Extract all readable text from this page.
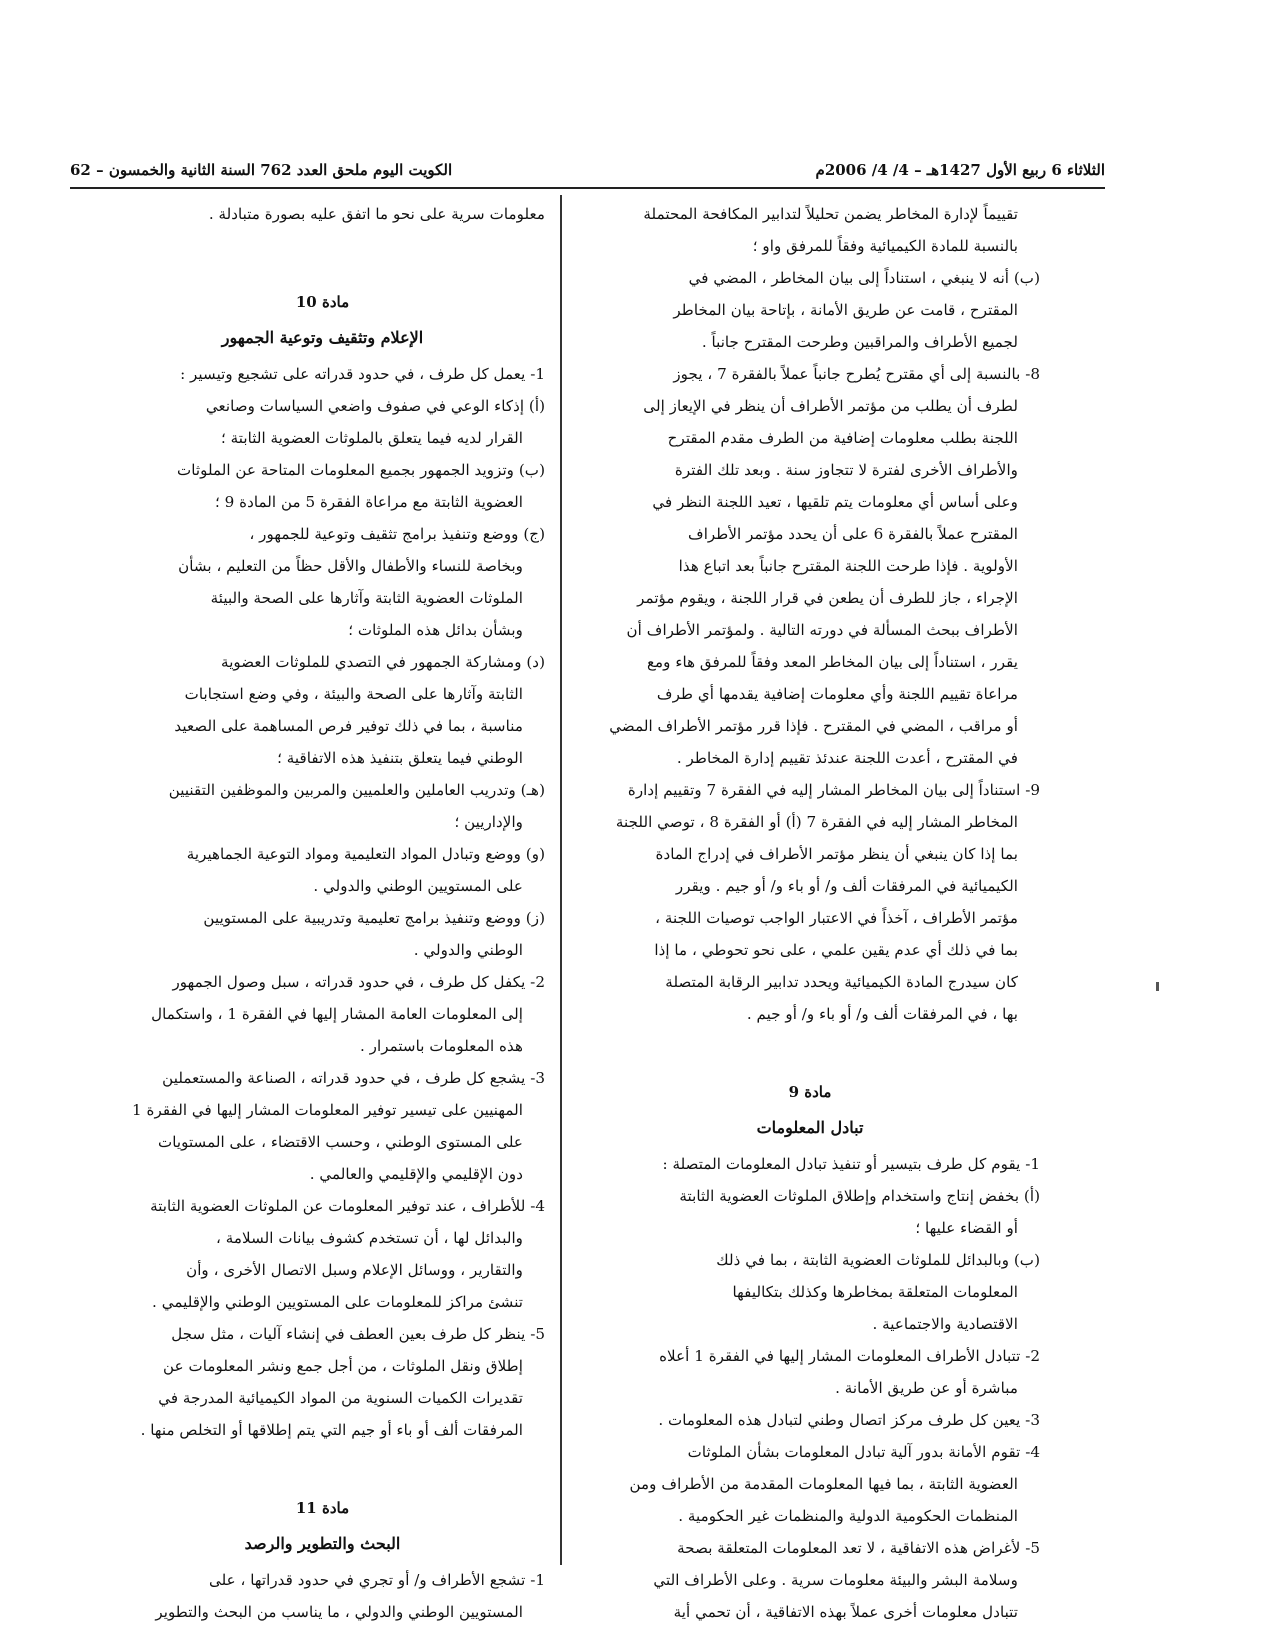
الكويت اليوم ملحق العدد 762 السنة الثانية والخمسون – 62	الثلاثاء 6 ربيع الأول 1427هـ – 4/ 4/ 2006م

تقييماً لإدارة المخاطر يضمن تحليلاً لتدابير المكافحة المحتملة

بالنسبة للمادة الكيميائية وفقاً للمرفق واو ؛

(ب) أنه لا ينبغي ، استناداً إلى بيان المخاطر ، المضي في

المقترح ، قامت عن طريق الأمانة ، بإتاحة بيان المخاطر

لجميع الأطراف والمراقبين وطرحت المقترح جانباً .

8- بالنسبة إلى أي مقترح يُطرح جانباً عملاً بالفقرة 7 ، يجوز

لطرف أن يطلب من مؤتمر الأطراف أن ينظر في الإيعاز إلى

اللجنة بطلب معلومات إضافية من الطرف مقدم المقترح

والأطراف الأخرى لفترة لا تتجاوز سنة . وبعد تلك الفترة

وعلى أساس أي معلومات يتم تلقيها ، تعيد اللجنة النظر في

المقترح عملاً بالفقرة 6 على أن يحدد مؤتمر الأطراف

الأولوية . فإذا طرحت اللجنة المقترح جانباً بعد اتباع هذا

الإجراء ، جاز للطرف أن يطعن في قرار اللجنة ، ويقوم مؤتمر

الأطراف ببحث المسألة في دورته التالية . ولمؤتمر الأطراف أن

يقرر ، استناداً إلى بيان المخاطر المعد وفقاً للمرفق هاء ومع

مراعاة تقييم اللجنة وأي معلومات إضافية يقدمها أي طرف

أو مراقب ، المضي في المقترح . فإذا قرر مؤتمر الأطراف المضي

في المقترح ، أعدت اللجنة عندئذ تقييم إدارة المخاطر .

9- استناداً إلى بيان المخاطر المشار إليه في الفقرة 7 وتقييم إدارة

المخاطر المشار إليه في الفقرة 7 (أ) أو الفقرة 8 ، توصي اللجنة

بما إذا كان ينبغي أن ينظر مؤتمر الأطراف في إدراج المادة

الكيميائية في المرفقات ألف و/ أو باء و/ أو جيم . ويقرر

مؤتمر الأطراف ، آخذاً في الاعتبار الواجب توصيات اللجنة ،

بما في ذلك أي عدم يقين علمي ، على نحو تحوطي ، ما إذا

كان سيدرج المادة الكيميائية ويحدد تدابير الرقابة المتصلة

بها ، في المرفقات ألف و/ أو باء و/ أو جيم .

مادة 9
تبادل المعلومات

1- يقوم كل طرف بتيسير أو تنفيذ تبادل المعلومات المتصلة :

(أ) بخفض إنتاج واستخدام وإطلاق الملوثات العضوية الثابتة

أو القضاء عليها ؛

(ب) وبالبدائل للملوثات العضوية الثابتة ، بما في ذلك

المعلومات المتعلقة بمخاطرها وكذلك بتكاليفها

الاقتصادية والاجتماعية .

2- تتبادل الأطراف المعلومات المشار إليها في الفقرة 1 أعلاه

مباشرة أو عن طريق الأمانة .

3- يعين كل طرف مركز اتصال وطني لتبادل هذه المعلومات .

4- تقوم الأمانة بدور آلية تبادل المعلومات بشأن الملوثات

العضوية الثابتة ، بما فيها المعلومات المقدمة من الأطراف ومن

المنظمات الحكومية الدولية والمنظمات غير الحكومية .

5- لأغراض هذه الاتفاقية ، لا تعد المعلومات المتعلقة بصحة

وسلامة البشر والبيئة معلومات سرية . وعلى الأطراف التي

تتبادل معلومات أخرى عملاً بهذه الاتفاقية ، أن تحمي أية

معلومات سرية على نحو ما اتفق عليه بصورة متبادلة .

مادة 10
الإعلام وتثقيف وتوعية الجمهور

1- يعمل كل طرف ، في حدود قدراته على تشجيع وتيسير :

(أ) إذكاء الوعي في صفوف واضعي السياسات وصانعي

القرار لديه فيما يتعلق بالملوثات العضوية الثابتة ؛

(ب) وتزويد الجمهور بجميع المعلومات المتاحة عن الملوثات

العضوية الثابتة مع مراعاة الفقرة 5 من المادة 9 ؛

(ج) ووضع وتنفيذ برامج تثقيف وتوعية للجمهور ،

وبخاصة للنساء والأطفال والأقل حظاً من التعليم ، بشأن

الملوثات العضوية الثابتة وآثارها على الصحة والبيئة

وبشأن بدائل هذه الملوثات ؛

(د) ومشاركة الجمهور في التصدي للملوثات العضوية

الثابتة وآثارها على الصحة والبيئة ، وفي وضع استجابات

مناسبة ، بما في ذلك توفير فرص المساهمة على الصعيد

الوطني فيما يتعلق بتنفيذ هذه الاتفاقية ؛

(هـ) وتدريب العاملين والعلميين والمربين والموظفين التقنيين

والإداريين ؛

(و) ووضع وتبادل المواد التعليمية ومواد التوعية الجماهيرية

على المستويين الوطني والدولي .

(ز) ووضع وتنفيذ برامج تعليمية وتدريبية على المستويين

الوطني والدولي .

2- يكفل كل طرف ، في حدود قدراته ، سبل وصول الجمهور

إلى المعلومات العامة المشار إليها في الفقرة 1 ، واستكمال

هذه المعلومات باستمرار .

3- يشجع كل طرف ، في حدود قدراته ، الصناعة والمستعملين

المهنيين على تيسير توفير المعلومات المشار إليها في الفقرة 1

على المستوى الوطني ، وحسب الاقتضاء ، على المستويات

دون الإقليمي والإقليمي والعالمي .

4- للأطراف ، عند توفير المعلومات عن الملوثات العضوية الثابتة

والبدائل لها ، أن تستخدم كشوف بيانات السلامة ،

والتقارير ، ووسائل الإعلام وسبل الاتصال الأخرى ، وأن

تنشئ مراكز للمعلومات على المستويين الوطني والإقليمي .

5- ينظر كل طرف بعين العطف في إنشاء آليات ، مثل سجل

إطلاق ونقل الملوثات ، من أجل جمع ونشر المعلومات عن

تقديرات الكميات السنوية من المواد الكيميائية المدرجة في

المرفقات ألف أو باء أو جيم التي يتم إطلاقها أو التخلص منها .

مادة 11
البحث والتطوير والرصد

1- تشجع الأطراف و/ أو تجري في حدود قدراتها ، على

المستويين الوطني والدولي ، ما يناسب من البحث والتطوير
